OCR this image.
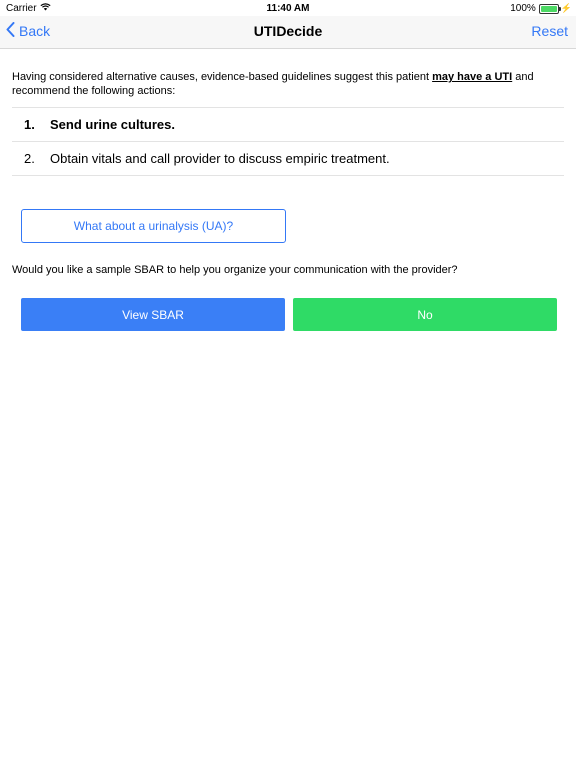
Carrier	11:40 AM	100%	⚡
Back	UTIDecide	Reset
Having considered alternative causes, evidence-based guidelines suggest this patient may have a UTI and recommend the following actions:
1.	Send urine cultures.
2.	Obtain vitals and call provider to discuss empiric treatment.
What about a urinalysis (UA)?
Would you like a sample SBAR to help you organize your communication with the provider?
View SBAR	No
